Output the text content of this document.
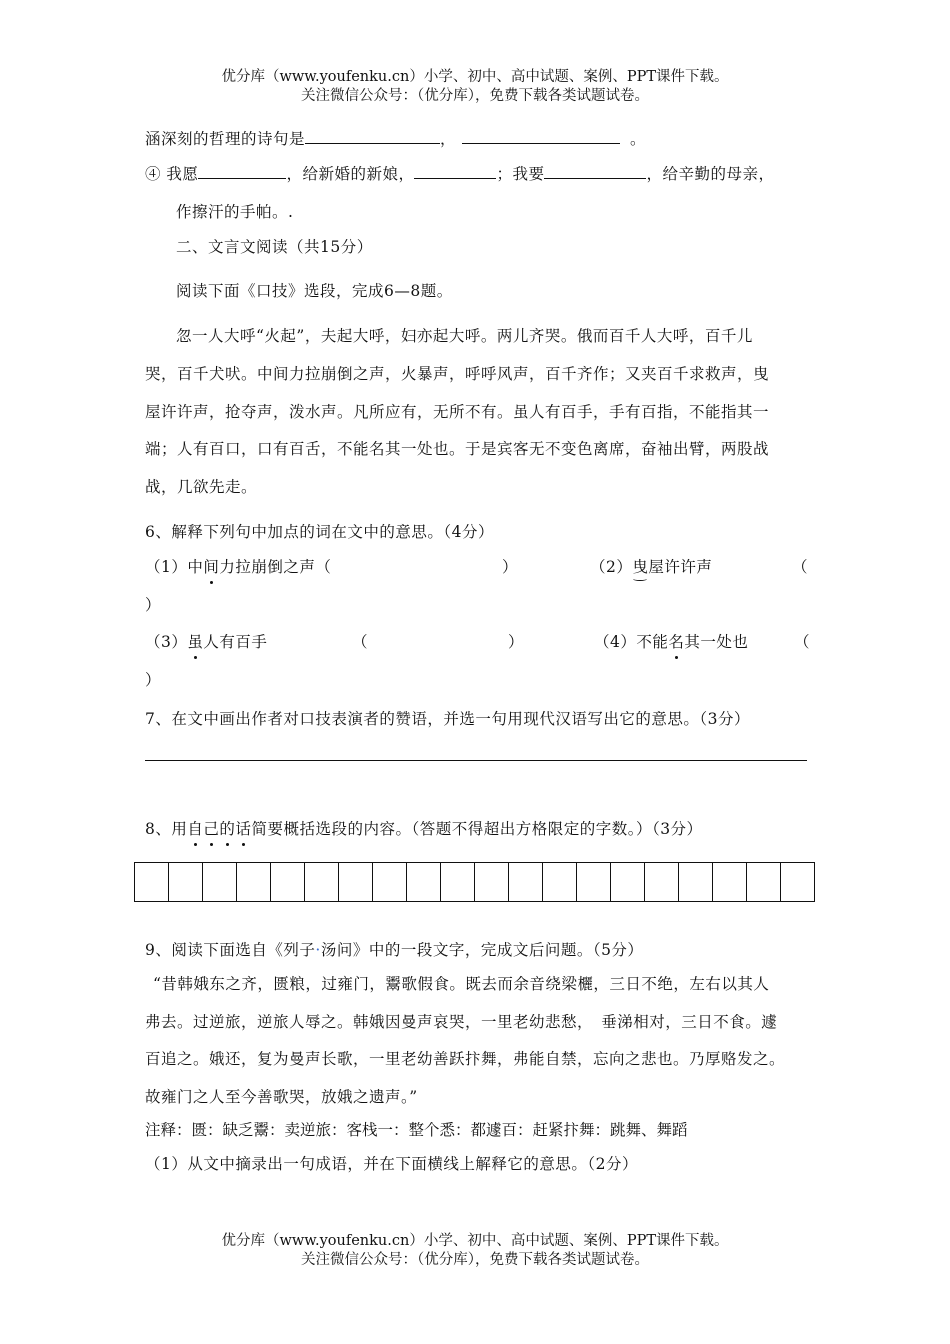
优分库（www.youfenku.cn）小学、初中、高中试题、案例、PPT课件下载。
关注微信公众号：（优分库），免费下载各类试题试卷。
涵深刻的哲理的诗句是	，	。
④ 我愿	，给新婚的新娘，	；我要	，给辛勤的母亲，
作擦汗的手帕。.
二、文言文阅读（共15分）
阅读下面《口技》选段，完成6—8题。
忽一人大呼“火起”，夫起大呼，妇亦起大呼。两儿齐哭。俄而百千人大呼，百千儿
哭，百千犬吠。中间力拉崩倒之声，火暴声，呼呼风声，百千齐作；又夹百千求救声，曳
屋许许声，抢夺声，泼水声。凡所应有，无所不有。虽人有百手，手有百指，不能指其一
端；人有百口，口有百舌，不能名其一处也。于是宾客无不变色离席，奋袖出臂，两股战
战，几欲先走。
6、解释下列句中加点的词在文中的意思。（4分）
（1）中间力拉崩倒之声（	）	（2）曳屋许许声	（
）
（3）虽人有百手	（	）	（4）不能名其一处也	（
）
7、在文中画出作者对口技表演者的赞语，并选一句用现代汉语写出它的意思。（3分）
8、用自己的话简要概括选段的内容。（答题不得超出方格限定的字数。）（3分）
9、阅读下面选自《列子·汤问》中的一段文字，完成文后问题。（5分）
“昔韩娥东之齐，匮粮，过雍门，鬻歌假食。既去而余音绕梁欐，三日不绝，左右以其人
弗去。过逆旅，逆旅人辱之。韩娥因曼声哀哭，一里老幼悲愁，　垂涕相对，三日不食。遽
百追之。娥还，复为曼声长歌，一里老幼善跃抃舞，弗能自禁，忘向之悲也。乃厚赂发之。
故雍门之人至今善歌哭，放娥之遗声。”
注释：匮：缺乏鬻：卖逆旅：客栈一：整个悉：都遽百：赶紧抃舞：跳舞、舞蹈
（1）从文中摘录出一句成语，并在下面横线上解释它的意思。（2分）
优分库（www.youfenku.cn）小学、初中、高中试题、案例、PPT课件下载。
关注微信公众号：（优分库），免费下载各类试题试卷。
